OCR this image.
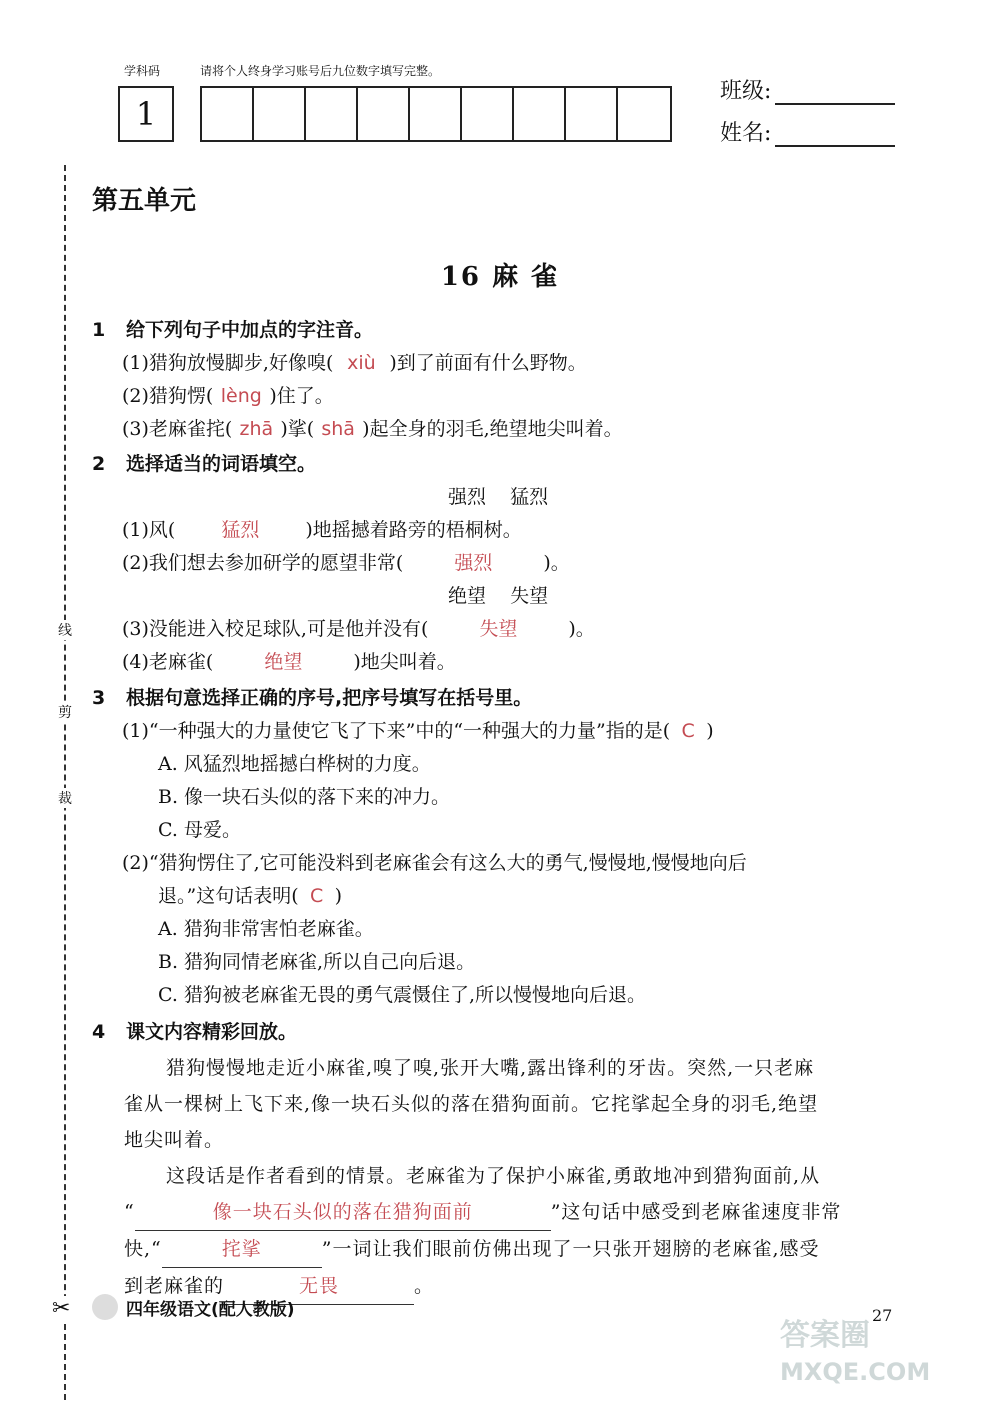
学科码	请将个人终身学习账号后九位数字填写完整。
1
班级:
姓名:
线
剪
裁
✂
第五单元
16 麻 雀
1 给下列句子中加点的字注音。
(1)猎狗放慢脚步,好像嗅( xiù )到了前面有什么野物。
(2)猎狗愣( lèng )住了。
(3)老麻雀挓( zhā )挲( shā )起全身的羽毛,绝望地尖叫着。
2 选择适当的词语填空。
强烈    猛烈
(1)风( 猛烈 )地摇撼着路旁的梧桐树。
(2)我们想去参加研学的愿望非常(	强烈	)。
绝望    失望
(3)没能进入校足球队,可是他并没有(	失望	)。
(4)老麻雀(	绝望	)地尖叫着。
3 根据句意选择正确的序号,把序号填写在括号里。
(1)“一种强大的力量使它飞了下来”中的“一种强大的力量”指的是( C )
A. 风猛烈地摇撼白桦树的力度。
B. 像一块石头似的落下来的冲力。
C. 母爱。
(2)“猎狗愣住了,它可能没料到老麻雀会有这么大的勇气,慢慢地,慢慢地向后
退。”这句话表明( C )
A. 猎狗非常害怕老麻雀。
B. 猎狗同情老麻雀,所以自己向后退。
C. 猎狗被老麻雀无畏的勇气震慑住了,所以慢慢地向后退。
4 课文内容精彩回放。
猎狗慢慢地走近小麻雀,嗅了嗅,张开大嘴,露出锋利的牙齿。突然,一只老麻
雀从一棵树上飞下来,像一块石头似的落在猎狗面前。它挓挲起全身的羽毛,绝望
地尖叫着。
这段话是作者看到的情景。老麻雀为了保护小麻雀,勇敢地冲到猎狗面前,从
“	像一块石头似的落在猎狗面前	”这句话中感受到老麻雀速度非常
快,“	挓挲	”一词让我们眼前仿佛出现了一只张开翅膀的老麻雀,感受
到老麻雀的	无畏	。
四年级语文(配人教版)	27
答案圈
MXQE.COM
